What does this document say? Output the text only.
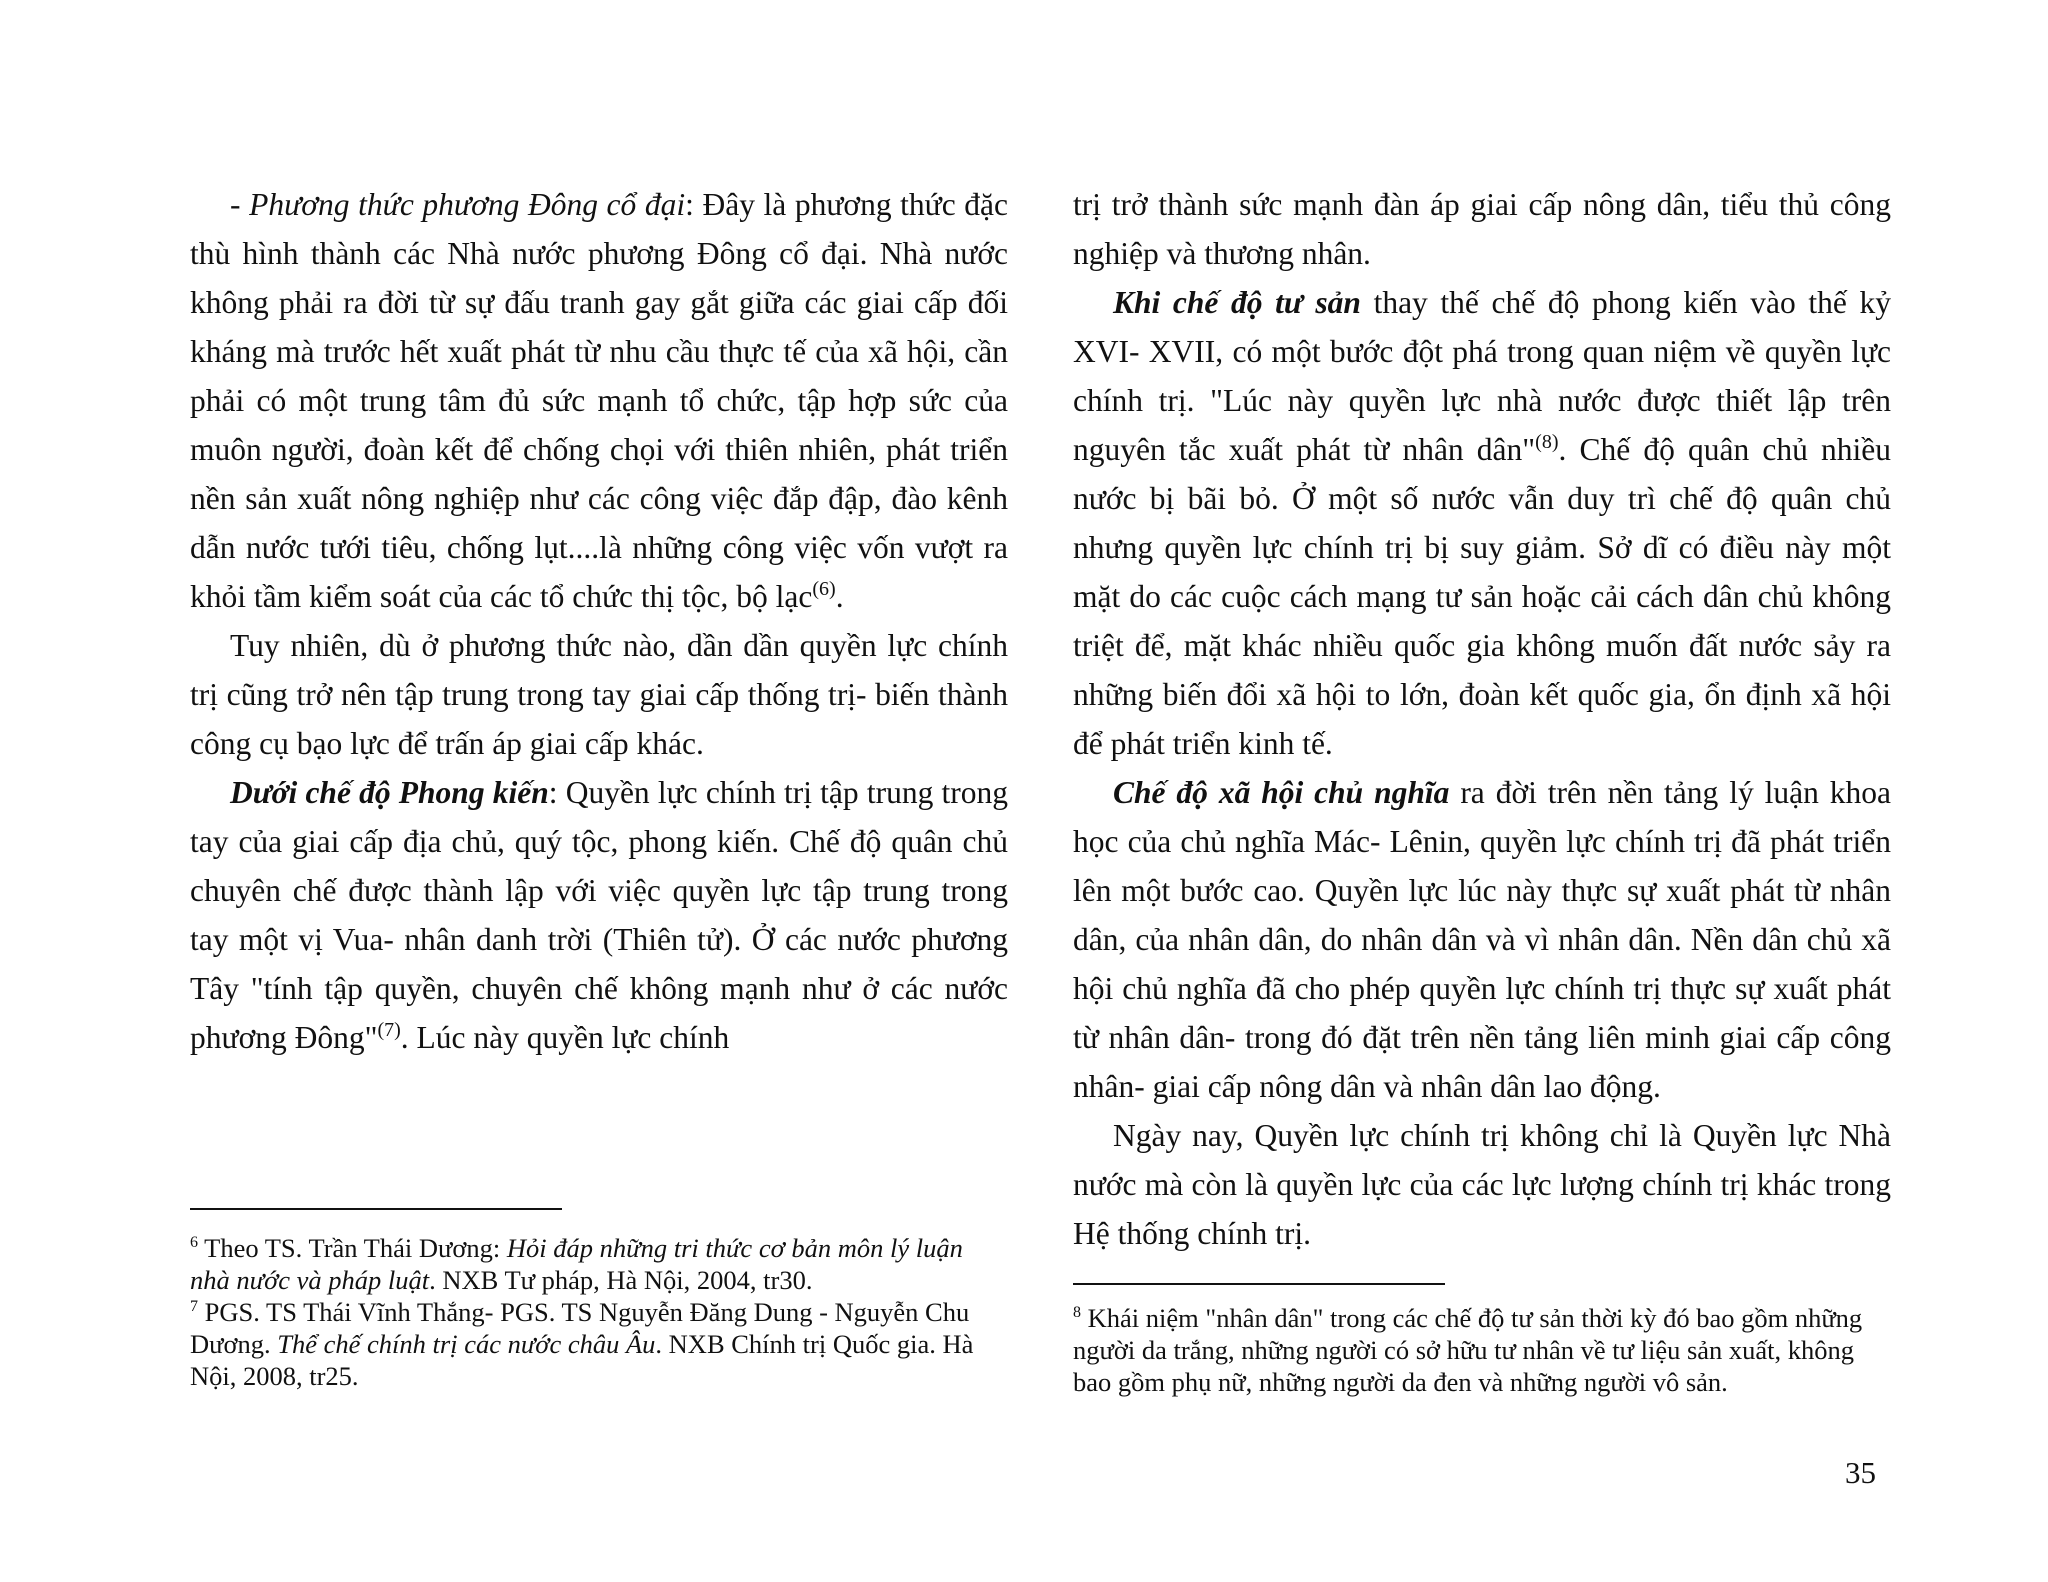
- Phương thức phương Đông cổ đại: Đây là phương thức đặc thù hình thành các Nhà nước phương Đông cổ đại. Nhà nước không phải ra đời từ sự đấu tranh gay gắt giữa các giai cấp đối kháng mà trước hết xuất phát từ nhu cầu thực tế của xã hội, cần phải có một trung tâm đủ sức mạnh tổ chức, tập hợp sức của muôn người, đoàn kết để chống chọi với thiên nhiên, phát triển nền sản xuất nông nghiệp như các công việc đắp đập, đào kênh dẫn nước tưới tiêu, chống lụt....là những công việc vốn vượt ra khỏi tầm kiểm soát của các tổ chức thị tộc, bộ lạc$^{(6)}$.

Tuy nhiên, dù ở phương thức nào, dần dần quyền lực chính trị cũng trở nên tập trung trong tay giai cấp thống trị- biến thành công cụ bạo lực để trấn áp giai cấp khác.

Dưới chế độ Phong kiến: Quyền lực chính trị tập trung trong tay của giai cấp địa chủ, quý tộc, phong kiến. Chế độ quân chủ chuyên chế được thành lập với việc quyền lực tập trung trong tay một vị Vua- nhân danh trời (Thiên tử). Ở các nước phương Tây "tính tập quyền, chuyên chế không mạnh như ở các nước phương Đông"$^{(7)}$. Lúc này quyền lực chính

$^6$ Theo TS. Trần Thái Dương: Hỏi đáp những tri thức cơ bản môn lý luận nhà nước và pháp luật. NXB Tư pháp, Hà Nội, 2004, tr30.

$^7$ PGS. TS Thái Vĩnh Thắng- PGS. TS Nguyễn Đăng Dung - Nguyễn Chu Dương. Thể chế chính trị các nước châu Âu. NXB Chính trị Quốc gia. Hà Nội, 2008, tr25.

trị trở thành sức mạnh đàn áp giai cấp nông dân, tiểu thủ công nghiệp và thương nhân.

Khi chế độ tư sản thay thế chế độ phong kiến vào thế kỷ XVI- XVII, có một bước đột phá trong quan niệm về quyền lực chính trị. "Lúc này quyền lực nhà nước được thiết lập trên nguyên tắc xuất phát từ nhân dân"$^{(8)}$. Chế độ quân chủ nhiều nước bị bãi bỏ. Ở một số nước vẫn duy trì chế độ quân chủ nhưng quyền lực chính trị bị suy giảm. Sở dĩ có điều này một mặt do các cuộc cách mạng tư sản hoặc cải cách dân chủ không triệt để, mặt khác nhiều quốc gia không muốn đất nước sảy ra những biến đổi xã hội to lớn, đoàn kết quốc gia, ổn định xã hội để phát triển kinh tế.

Chế độ xã hội chủ nghĩa ra đời trên nền tảng lý luận khoa học của chủ nghĩa Mác- Lênin, quyền lực chính trị đã phát triển lên một bước cao. Quyền lực lúc này thực sự xuất phát từ nhân dân, của nhân dân, do nhân dân và vì nhân dân. Nền dân chủ xã hội chủ nghĩa đã cho phép quyền lực chính trị thực sự xuất phát từ nhân dân- trong đó đặt trên nền tảng liên minh giai cấp công nhân- giai cấp nông dân và nhân dân lao động.

Ngày nay, Quyền lực chính trị không chỉ là Quyền lực Nhà nước mà còn là quyền lực của các lực lượng chính trị khác trong Hệ thống chính trị.

$^8$ Khái niệm "nhân dân" trong các chế độ tư sản thời kỳ đó bao gồm những người da trắng, những người có sở hữu tư nhân về tư liệu sản xuất, không bao gồm phụ nữ, những người da đen và những người vô sản.

35
